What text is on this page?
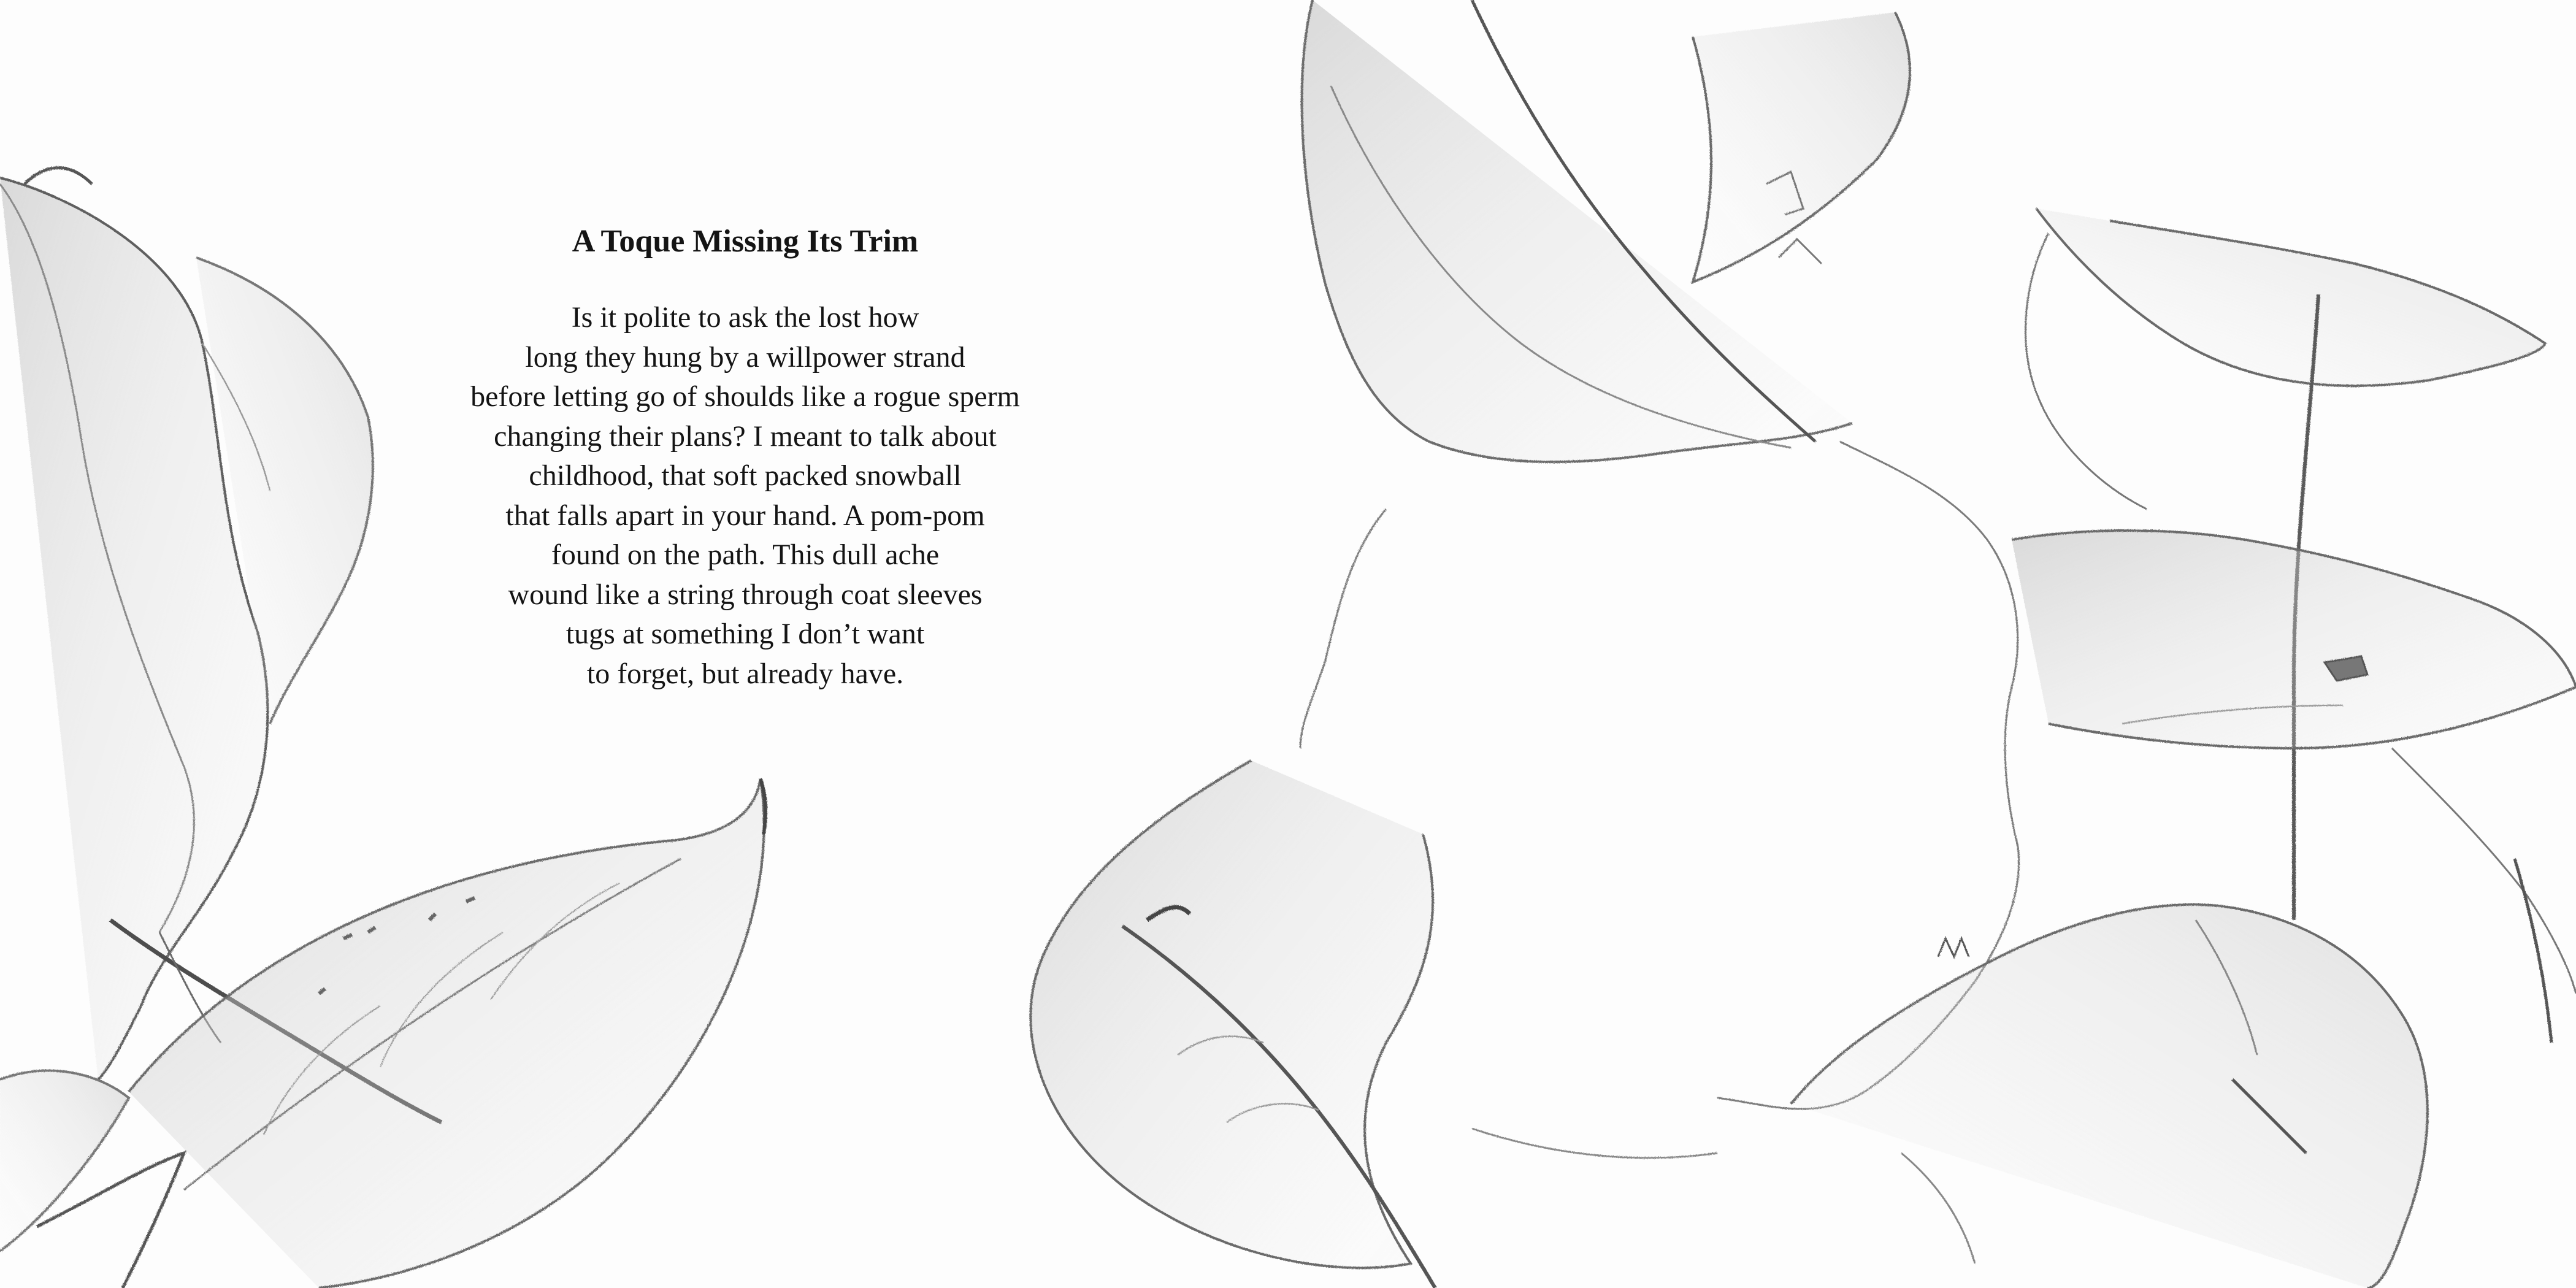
A Toque Missing Its Trim
Is it polite to ask the lost how
long they hung by a willpower strand
before letting go of shoulds like a rogue sperm
changing their plans? I meant to talk about
childhood, that soft packed snowball
that falls apart in your hand. A pom-pom
found on the path. This dull ache
wound like a string through coat sleeves
tugs at something I don’t want
to forget, but already have.
